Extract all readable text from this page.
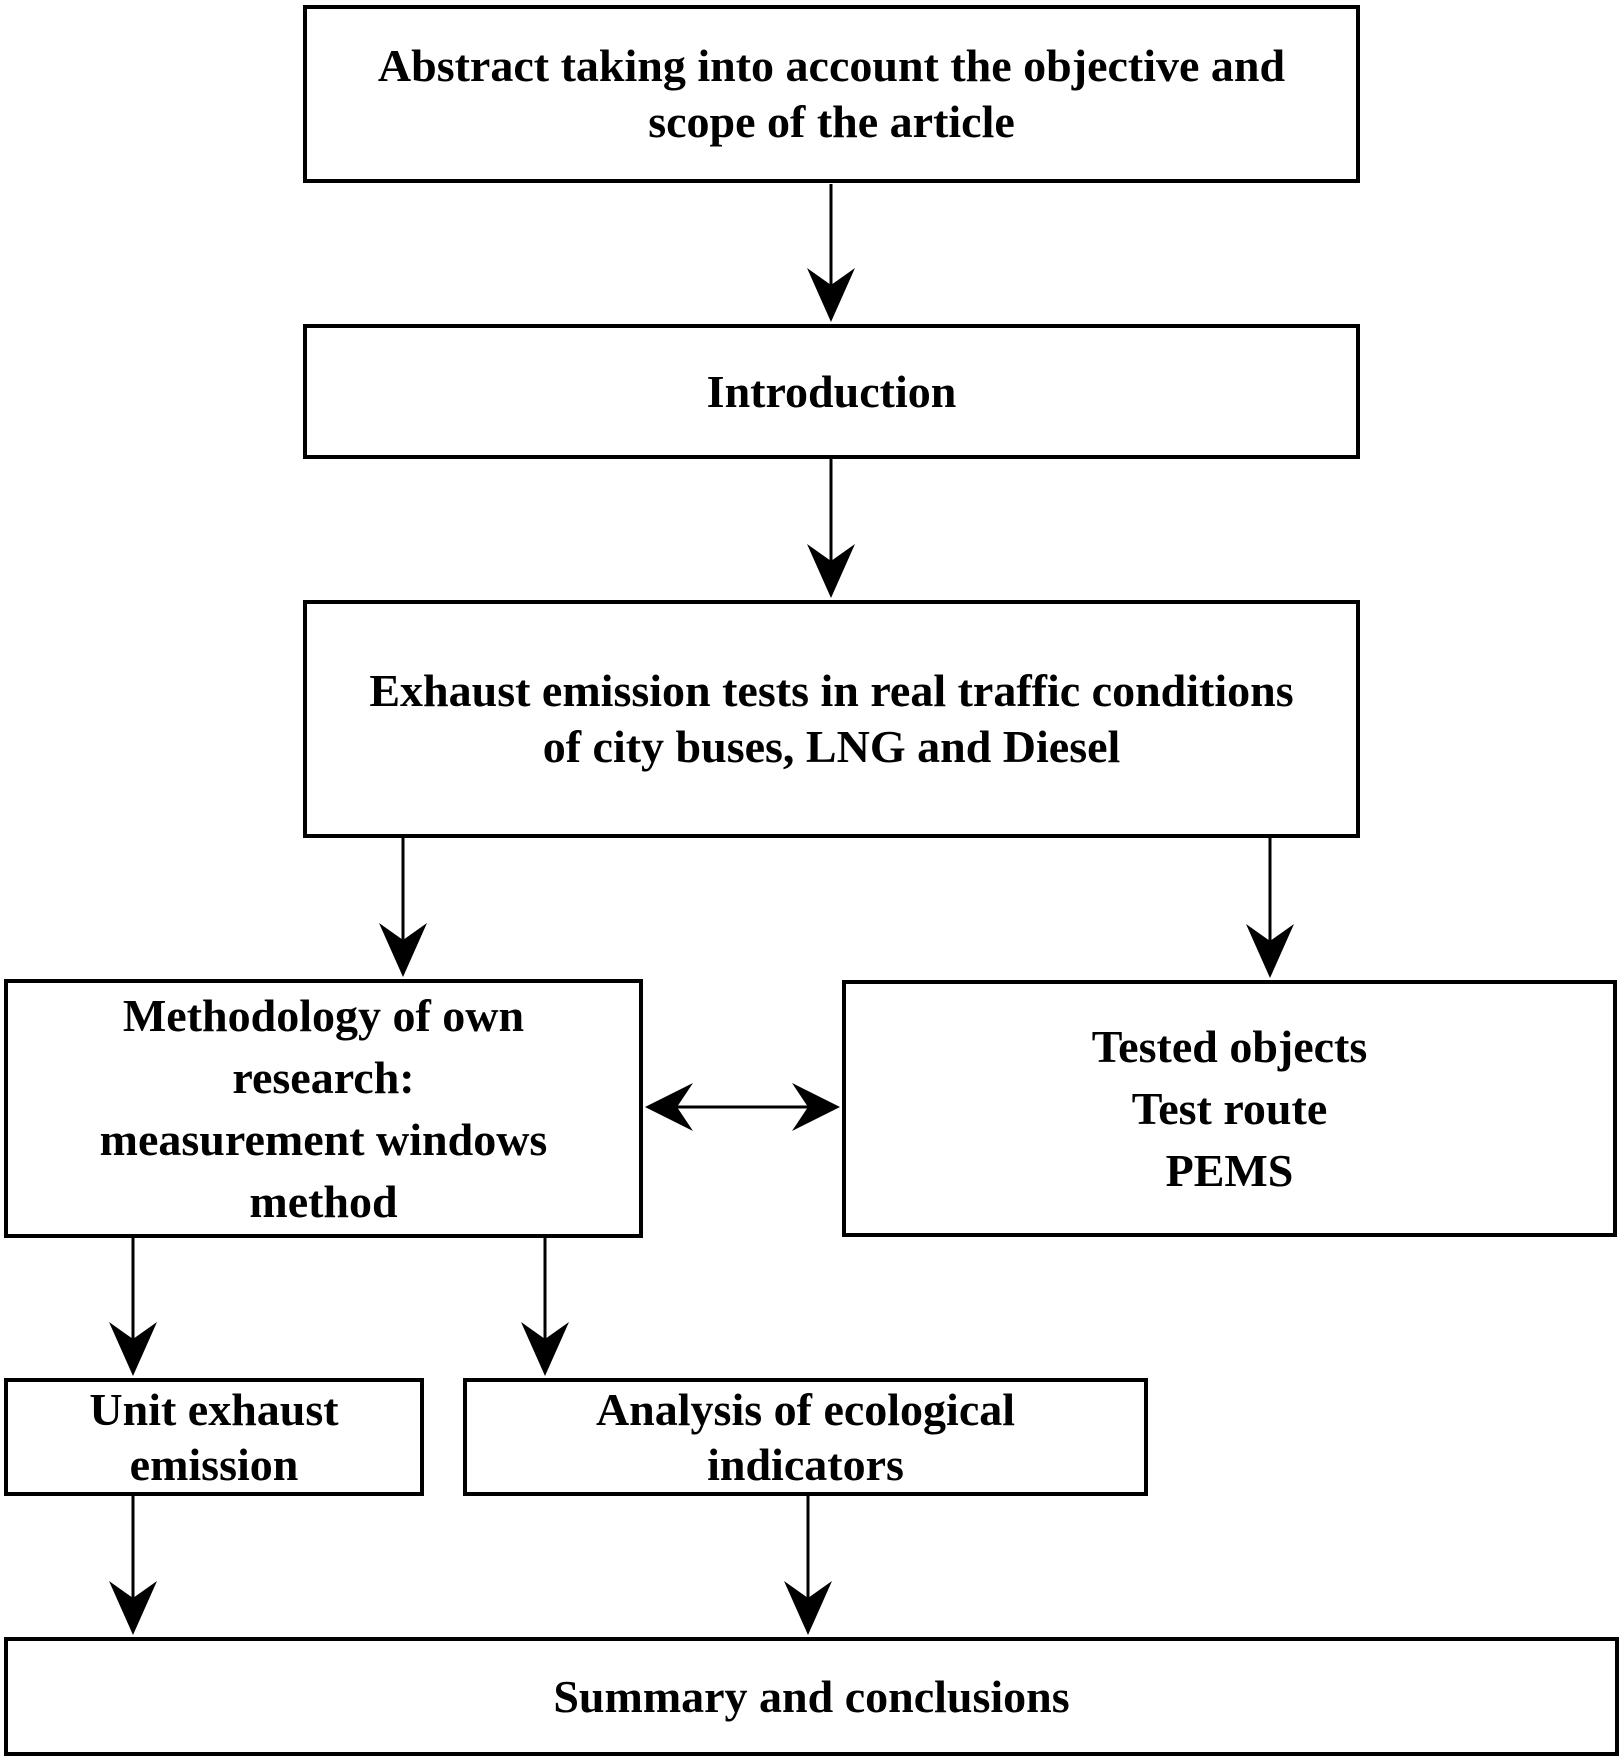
Abstract taking into account the objective and
scope of the article
Introduction
Exhaust emission tests in real traffic conditions
of city buses, LNG and Diesel
Methodology of own
research:
measurement windows
method
Tested objects
Test route
PEMS
Unit exhaust
emission
Analysis of ecological
indicators
Summary and conclusions
